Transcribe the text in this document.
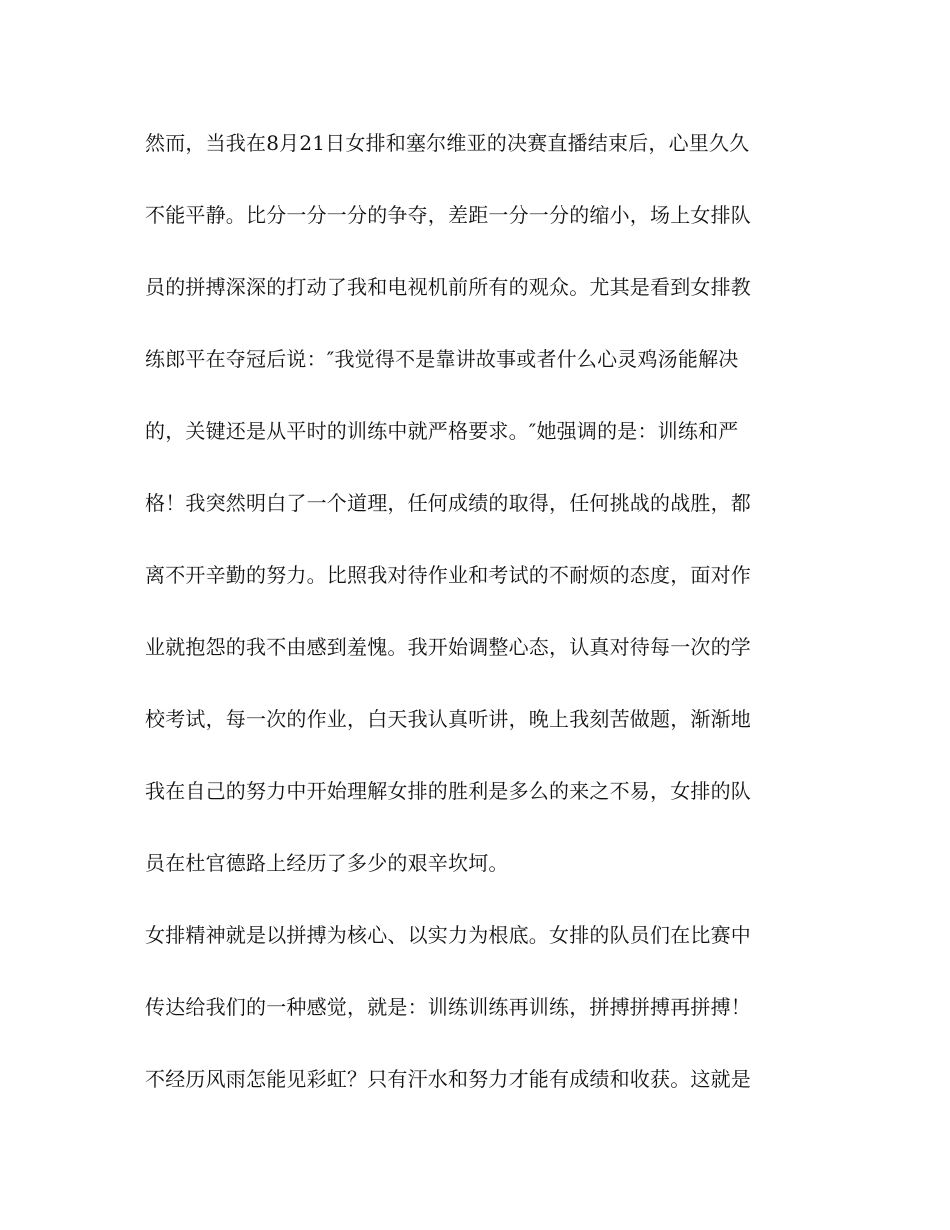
然而，当我在8月21日女排和塞尔维亚的决赛直播结束后，心里久久
不能平静。比分一分一分的争夺，差距一分一分的缩小，场上女排队
员的拼搏深深的打动了我和电视机前所有的观众。尤其是看到女排教
练郎平在夺冠后说：″我觉得不是靠讲故事或者什么心灵鸡汤能解决
的，关键还是从平时的训练中就严格要求。″她强调的是：训练和严
格！我突然明白了一个道理，任何成绩的取得，任何挑战的战胜，都
离不开辛勤的努力。比照我对待作业和考试的不耐烦的态度，面对作
业就抱怨的我不由感到羞愧。我开始调整心态，认真对待每一次的学
校考试，每一次的作业，白天我认真听讲，晚上我刻苦做题，渐渐地
我在自己的努力中开始理解女排的胜利是多么的来之不易，女排的队
员在杜官德路上经历了多少的艰辛坎坷。
女排精神就是以拼搏为核心、以实力为根底。女排的队员们在比赛中
传达给我们的一种感觉，就是：训练训练再训练，拼搏拼搏再拼搏！
不经历风雨怎能见彩虹？只有汗水和努力才能有成绩和收获。这就是
